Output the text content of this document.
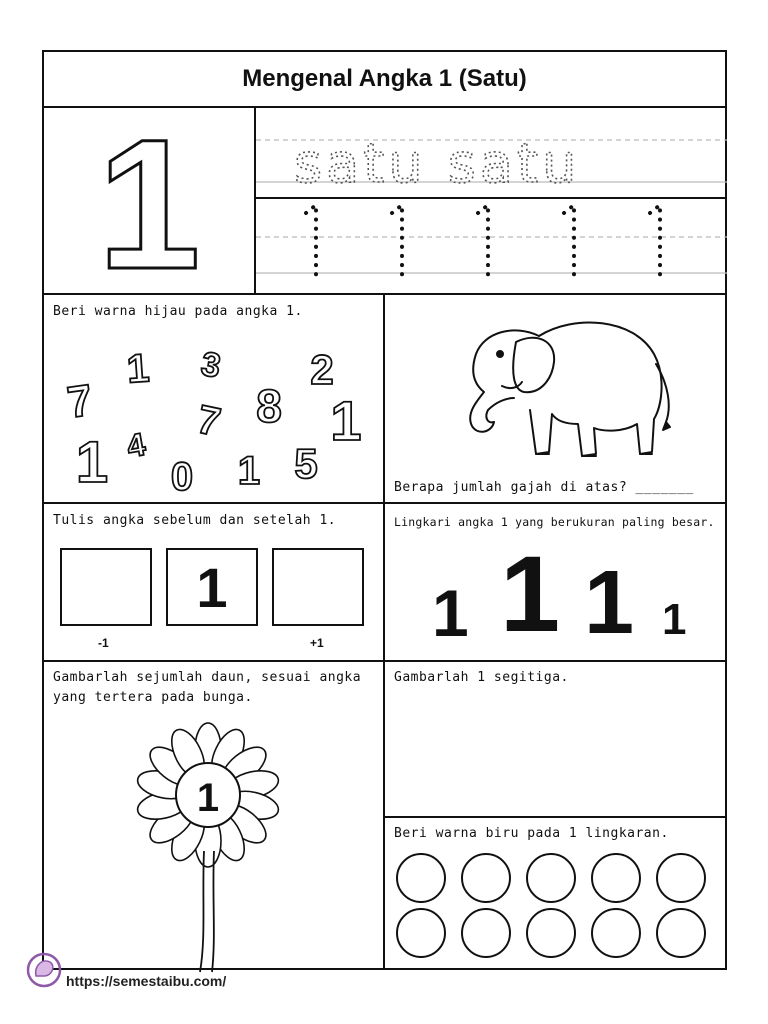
Mengenal Angka 1 (Satu)
1 satu satu
Beri warna hijau pada angka 1.
1 3 2
7	8
7 1
4
1 0 1 5
Berapa jumlah gajah di atas? _______
Tulis angka sebelum dan setelah 1.
1
-1	+1
Lingkari angka 1 yang berukuran paling besar.
1 1 1 1
Gambarlah sejumlah daun, sesuai angka
yang tertera pada bunga.
1
Gambarlah 1 segitiga.
Beri warna biru pada 1 lingkaran.
https://semestaibu.com/
